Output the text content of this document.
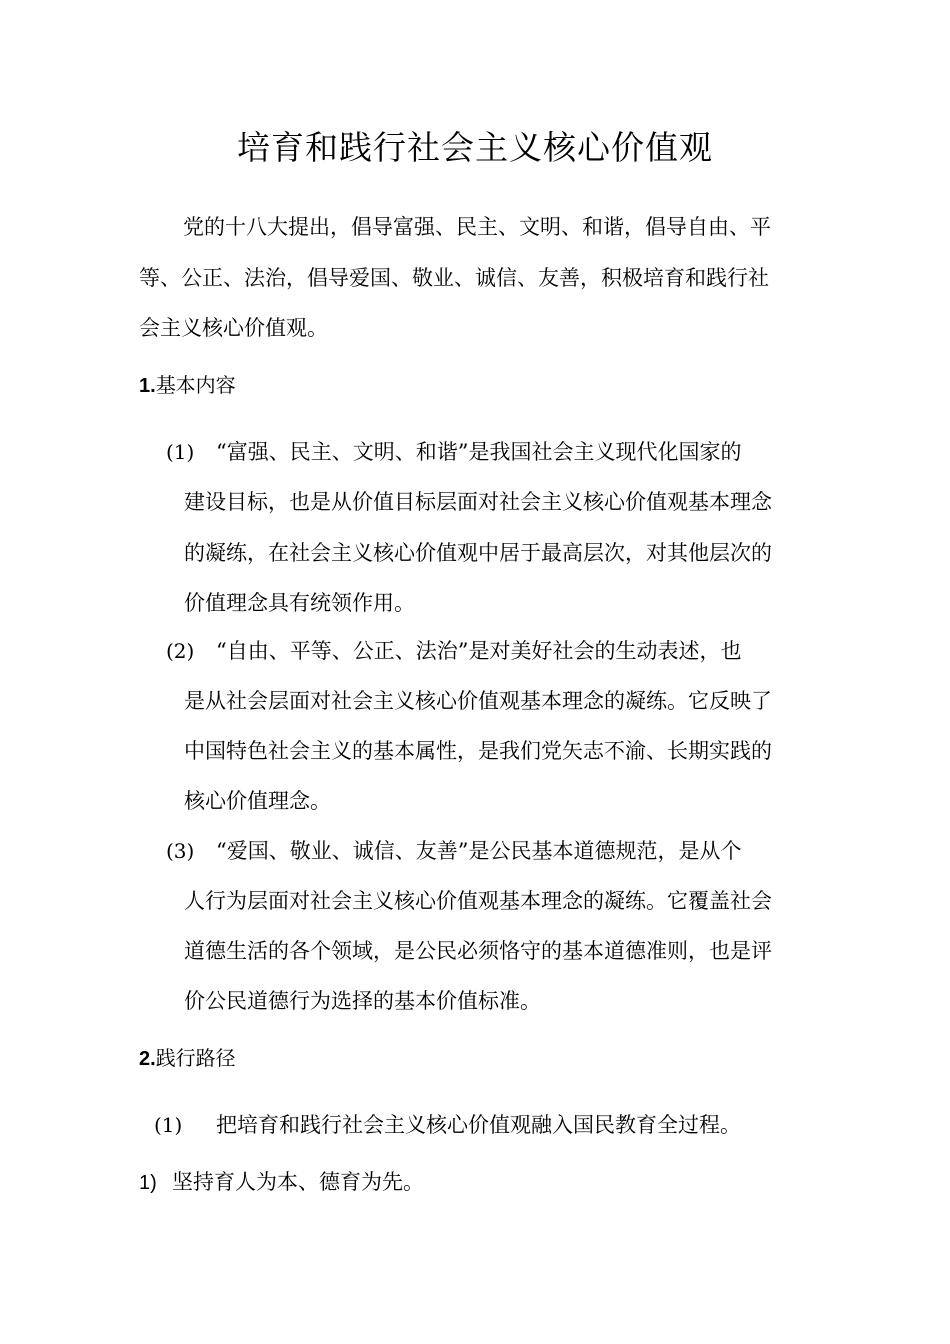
培育和践行社会主义核心价值观
党的十八大提出，倡导富强、民主、文明、和谐，倡导自由、平
等、公正、法治，倡导爱国、敬业、诚信、友善，积极培育和践行社
会主义核心价值观。
1.基本内容
(1) “富强、民主、文明、和谐”是我国社会主义现代化国家的
建设目标，也是从价值目标层面对社会主义核心价值观基本理念
的凝练，在社会主义核心价值观中居于最高层次，对其他层次的
价值理念具有统领作用。
(2) “自由、平等、公正、法治”是对美好社会的生动表述，也
是从社会层面对社会主义核心价值观基本理念的凝练。它反映了
中国特色社会主义的基本属性，是我们党矢志不渝、长期实践的
核心价值理念。
(3) “爱国、敬业、诚信、友善”是公民基本道德规范，是从个
人行为层面对社会主义核心价值观基本理念的凝练。它覆盖社会
道德生活的各个领域，是公民必须恪守的基本道德准则，也是评
价公民道德行为选择的基本价值标准。
2.践行路径
(1) 把培育和践行社会主义核心价值观融入国民教育全过程。
1) 坚持育人为本、德育为先。
